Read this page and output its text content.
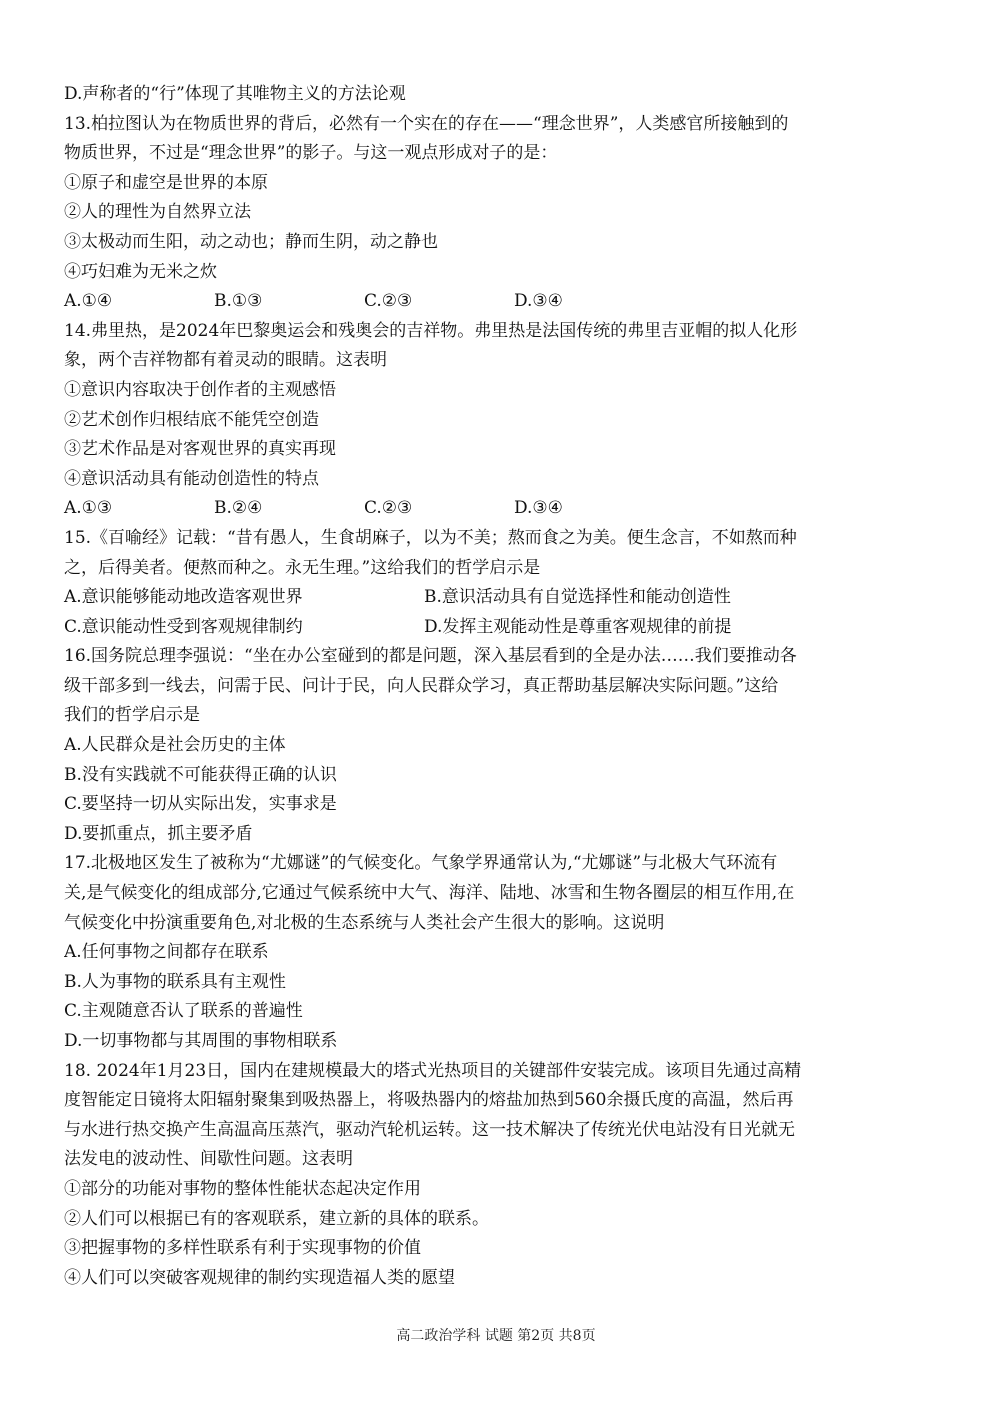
D.声称者的“行”体现了其唯物主义的方法论观
13.柏拉图认为在物质世界的背后，必然有一个实在的存在——“理念世界”，人类感官所接触到的
物质世界，不过是“理念世界”的影子。与这一观点形成对子的是：
①原子和虚空是世界的本原
②人的理性为自然界立法
③太极动而生阳，动之动也；静而生阴，动之静也
④巧妇难为无米之炊
A.①④	B.①③	C.②③	D.③④
14.弗里热，是2024年巴黎奥运会和残奥会的吉祥物。弗里热是法国传统的弗里吉亚帽的拟人化形
象，两个吉祥物都有着灵动的眼睛。这表明
①意识内容取决于创作者的主观感悟
②艺术创作归根结底不能凭空创造
③艺术作品是对客观世界的真实再现
④意识活动具有能动创造性的特点
A.①③	B.②④	C.②③	D.③④
15.《百喻经》记载：“昔有愚人，生食胡麻子，以为不美；熬而食之为美。便生念言，不如熬而种
之，后得美者。便熬而种之。永无生理。”这给我们的哲学启示是
A.意识能够能动地改造客观世界	B.意识活动具有自觉选择性和能动创造性
C.意识能动性受到客观规律制约	D.发挥主观能动性是尊重客观规律的前提
16.国务院总理李强说：“坐在办公室碰到的都是问题，深入基层看到的全是办法……我们要推动各
级干部多到一线去，问需于民、问计于民，向人民群众学习，真正帮助基层解决实际问题。”这给
我们的哲学启示是
A.人民群众是社会历史的主体
B.没有实践就不可能获得正确的认识
C.要坚持一切从实际出发，实事求是
D.要抓重点，抓主要矛盾
17.北极地区发生了被称为“尤娜谜”的气候变化。气象学界通常认为,“尤娜谜”与北极大气环流有
关,是气候变化的组成部分,它通过气候系统中大气、海洋、陆地、冰雪和生物各圈层的相互作用,在
气候变化中扮演重要角色,对北极的生态系统与人类社会产生很大的影响。这说明
A.任何事物之间都存在联系
B.人为事物的联系具有主观性
C.主观随意否认了联系的普遍性
D.一切事物都与其周围的事物相联系
18. 2024年1月23日，国内在建规模最大的塔式光热项目的关键部件安装完成。该项目先通过高精
度智能定日镜将太阳辐射聚集到吸热器上，将吸热器内的熔盐加热到560余摄氏度的高温，然后再
与水进行热交换产生高温高压蒸汽，驱动汽轮机运转。这一技术解决了传统光伏电站没有日光就无
法发电的波动性、间歇性问题。这表明
①部分的功能对事物的整体性能状态起决定作用
②人们可以根据已有的客观联系，建立新的具体的联系。
③把握事物的多样性联系有利于实现事物的价值
④人们可以突破客观规律的制约实现造福人类的愿望
高二政治学科 试题 第2页 共8页
